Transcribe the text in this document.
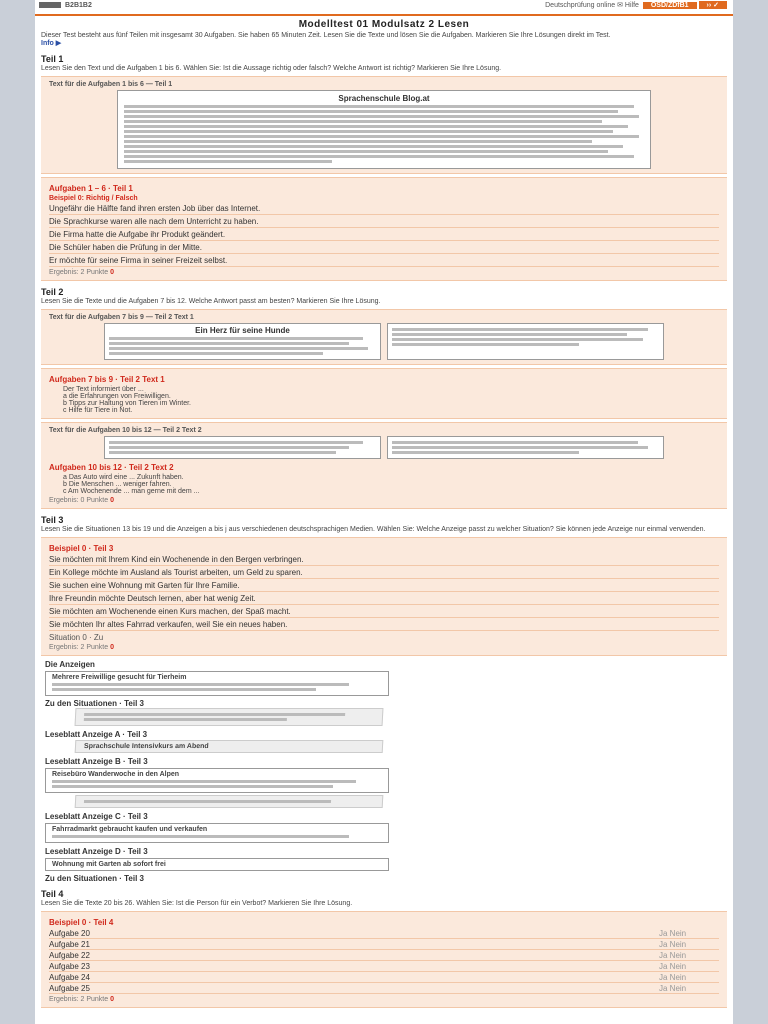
B2B1B2	Deutschprüfung online ✉ Hilfe ÖSD/ZDfB1	›› ✓
Modelltest 01 Modulsatz 2 Lesen
Dieser Test besteht aus fünf Teilen mit insgesamt 30 Aufgaben. Sie haben 65 Minuten Zeit. Lesen Sie die Texte und lösen Sie die Aufgaben. Markieren Sie Ihre Lösungen direkt im Test.
Info ▶
Teil 1
Lesen Sie den Text und die Aufgaben 1 bis 6. Wählen Sie: Ist die Aussage richtig oder falsch? Welche Antwort ist richtig? Markieren Sie Ihre Lösung.
Text für die Aufgaben 1 bis 6 — Teil 1
Sprachenschule Blog.at
Aufgaben 1 – 6 · Teil 1
Beispiel 0: Richtig / Falsch
Ungefähr die Hälfte fand ihren ersten Job über das Internet.
Die Sprachkurse waren alle nach dem Unterricht zu haben.
Die Firma hatte die Aufgabe ihr Produkt geändert.
Die Schüler haben die Prüfung in der Mitte.
Er möchte für seine Firma in seiner Freizeit selbst.
Ergebnis: 2 Punkte 0
Teil 2
Lesen Sie die Texte und die Aufgaben 7 bis 12. Welche Antwort passt am besten? Markieren Sie Ihre Lösung.
Text für die Aufgaben 7 bis 9 — Teil 2 Text 1
Ein Herz für seine Hunde
Aufgaben 7 bis 9 · Teil 2 Text 1
Der Text informiert über ...
a die Erfahrungen von Freiwilligen.
b Tipps zur Haltung von Tieren im Winter.
c Hilfe für Tiere in Not.
Text für die Aufgaben 10 bis 12 — Teil 2 Text 2
Aufgaben 10 bis 12 · Teil 2 Text 2
a Das Auto wird eine ... Zukunft haben.
b Die Menschen ... weniger fahren.
c Am Wochenende ... man gerne mit dem ...
Ergebnis: 0 Punkte 0
Teil 3
Lesen Sie die Situationen 13 bis 19 und die Anzeigen a bis j aus verschiedenen deutschsprachigen Medien. Wählen Sie: Welche Anzeige passt zu welcher Situation? Sie können jede Anzeige nur einmal verwenden.
Beispiel 0 · Teil 3
Sie möchten mit Ihrem Kind ein Wochenende in den Bergen verbringen.
Ein Kollege möchte im Ausland als Tourist arbeiten, um Geld zu sparen.
Sie suchen eine Wohnung mit Garten für Ihre Familie.
Ihre Freundin möchte Deutsch lernen, aber hat wenig Zeit.
Sie möchten am Wochenende einen Kurs machen, der Spaß macht.
Sie möchten Ihr altes Fahrrad verkaufen, weil Sie ein neues haben.
Situation 0 · Zu
Ergebnis: 2 Punkte 0
Die Anzeigen
Mehrere Freiwillige gesucht für Tierheim
Zu den Situationen · Teil 3
Leseblatt Anzeige A · Teil 3
Sprachschule Intensivkurs am Abend
Leseblatt Anzeige B · Teil 3
Reisebüro Wanderwoche in den Alpen
Leseblatt Anzeige C · Teil 3
Fahrradmarkt gebraucht kaufen und verkaufen
Leseblatt Anzeige D · Teil 3
Wohnung mit Garten ab sofort frei
Zu den Situationen · Teil 3
Teil 4
Lesen Sie die Texte 20 bis 26. Wählen Sie: Ist die Person für ein Verbot? Markieren Sie Ihre Lösung.
Beispiel 0 · Teil 4
Aufgabe 20	Ja Nein
Aufgabe 21	Ja Nein
Aufgabe 22	Ja Nein
Aufgabe 23	Ja Nein
Aufgabe 24	Ja Nein
Aufgabe 25	Ja Nein
Ergebnis: 2 Punkte 0
